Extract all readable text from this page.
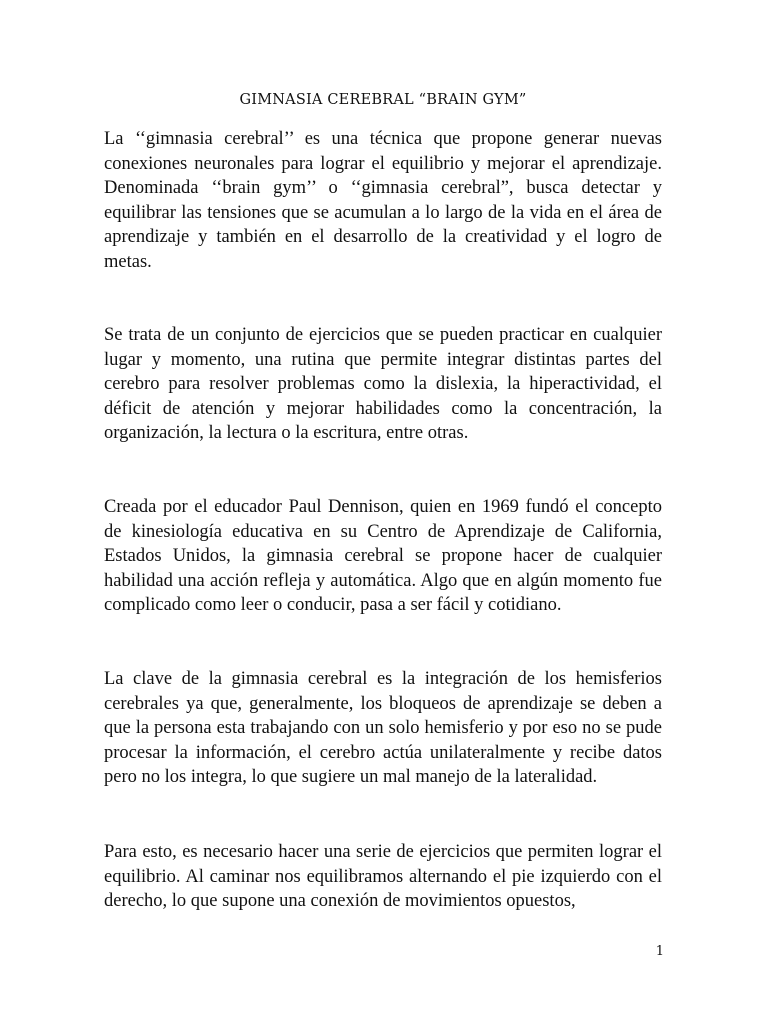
GIMNASIA CEREBRAL “BRAIN GYM”

La ‘‘gimnasia cerebral’’ es una técnica que propone generar nuevas conexiones neuronales para lograr el equilibrio y mejorar el aprendizaje. Denominada ‘‘brain gym’’ o ‘‘gimnasia cerebral”, busca detectar y equilibrar las tensiones que se acumulan a lo largo de la vida en el área de aprendizaje y también en el desarrollo de la creatividad y el logro de metas.

Se trata de un conjunto de ejercicios que se pueden practicar en cualquier lugar y momento, una rutina que permite integrar distintas partes del cerebro para resolver problemas como la dislexia, la hiperactividad, el déficit de atención y mejorar habilidades como la concentración, la organización, la lectura o la escritura, entre otras.

Creada por el educador Paul Dennison, quien en 1969 fundó el concepto de kinesiología educativa en su Centro de Aprendizaje de California, Estados Unidos, la gimnasia cerebral se propone hacer de cualquier habilidad una acción refleja y automática. Algo que en algún momento fue complicado como leer o conducir, pasa a ser fácil y cotidiano.

La clave de la gimnasia cerebral es la integración de los hemisferios cerebrales ya que, generalmente, los bloqueos de aprendizaje se deben a que la persona esta trabajando con un solo hemisferio y por eso no se pude procesar la información, el cerebro actúa unilateralmente y recibe datos pero no los integra, lo que sugiere un mal manejo de la lateralidad.

Para esto, es necesario hacer una serie de ejercicios que permiten lograr el equilibrio. Al caminar nos equilibramos alternando el pie izquierdo con el derecho, lo que supone una conexión de movimientos opuestos,

1
